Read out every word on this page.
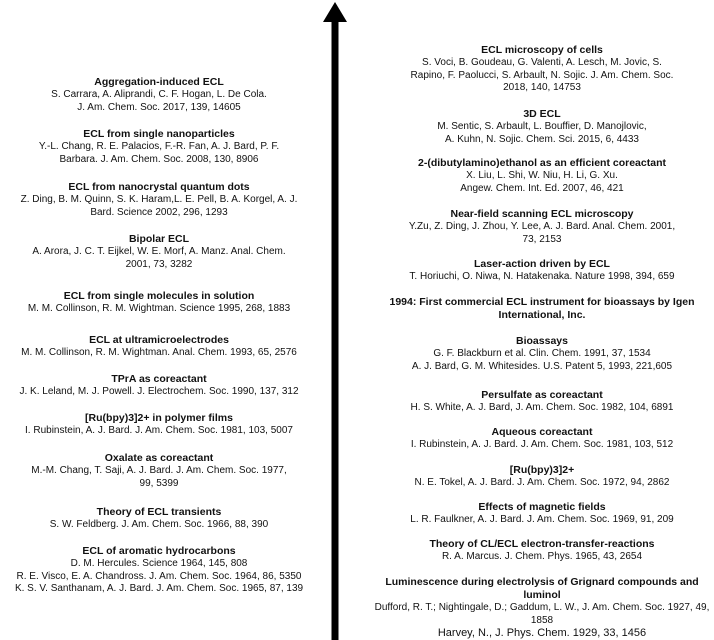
Aggregation-induced ECL
S. Carrara, A. Aliprandi, C. F. Hogan, L. De Cola.
J. Am. Chem. Soc. 2017, 139, 14605
ECL from single nanoparticles
Y.-L. Chang, R. E. Palacios, F.-R. Fan, A. J. Bard, P. F.
Barbara. J. Am. Chem. Soc. 2008, 130, 8906
ECL from nanocrystal quantum dots
Z. Ding, B. M. Quinn, S. K. Haram,L. E. Pell, B. A. Korgel, A. J.
Bard. Science 2002, 296, 1293
Bipolar ECL
A. Arora, J. C. T. Eijkel, W. E. Morf, A. Manz. Anal. Chem.
2001, 73, 3282
ECL from single molecules in solution
M. M. Collinson, R. M. Wightman. Science 1995, 268, 1883
ECL at ultramicroelectrodes
M. M. Collinson, R. M. Wightman. Anal. Chem. 1993, 65, 2576
TPrA as coreactant
J. K. Leland, M. J. Powell. J. Electrochem. Soc. 1990, 137, 312
[Ru(bpy)3]2+ in polymer films
I. Rubinstein, A. J. Bard. J. Am. Chem. Soc. 1981, 103, 5007
Oxalate as coreactant
M.-M. Chang, T. Saji, A. J. Bard. J. Am. Chem. Soc. 1977,
99, 5399
Theory of ECL transients
S. W. Feldberg. J. Am. Chem. Soc. 1966, 88, 390
ECL of aromatic hydrocarbons
D. M. Hercules. Science 1964, 145, 808
R. E. Visco, E. A. Chandross. J. Am. Chem. Soc. 1964, 86, 5350
K. S. V. Santhanam, A. J. Bard. J. Am. Chem. Soc. 1965, 87, 139
ECL microscopy of cells
S. Voci, B. Goudeau, G. Valenti, A. Lesch, M. Jovic, S.
Rapino, F. Paolucci, S. Arbault, N. Sojic. J. Am. Chem. Soc.
2018, 140, 14753
3D ECL
M. Sentic, S. Arbault, L. Bouffier, D. Manojlovic,
A. Kuhn, N. Sojic. Chem. Sci. 2015, 6, 4433
2-(dibutylamino)ethanol as an efficient coreactant
X. Liu, L. Shi, W. Niu, H. Li, G. Xu.
Angew. Chem. Int. Ed. 2007, 46, 421
Near-field scanning ECL microscopy
Y.Zu, Z. Ding, J. Zhou, Y. Lee, A. J. Bard. Anal. Chem. 2001,
73, 2153
Laser-action driven by ECL
T. Horiuchi, O. Niwa, N. Hatakenaka. Nature 1998, 394, 659
1994: First commercial ECL instrument for bioassays by Igen International, Inc.
Bioassays
G. F. Blackburn et al. Clin. Chem. 1991, 37, 1534
A. J. Bard, G. M. Whitesides. U.S. Patent 5, 1993, 221,605
Persulfate as coreactant
H. S. White, A. J. Bard, J. Am. Chem. Soc. 1982, 104, 6891
Aqueous coreactant
I. Rubinstein, A. J. Bard. J. Am. Chem. Soc. 1981, 103, 512
[Ru(bpy)3]2+
N. E. Tokel, A. J. Bard. J. Am. Chem. Soc. 1972, 94, 2862
Effects of magnetic fields
L. R. Faulkner, A. J. Bard. J. Am. Chem. Soc. 1969, 91, 209
Theory of CL/ECL electron-transfer-reactions
R. A. Marcus. J. Chem. Phys. 1965, 43, 2654
Luminescence during electrolysis of Grignard compounds and luminol
Dufford, R. T.; Nightingale, D.; Gaddum, L. W., J. Am. Chem. Soc. 1927, 49, 1858
Harvey, N., J. Phys. Chem. 1929, 33, 1456
